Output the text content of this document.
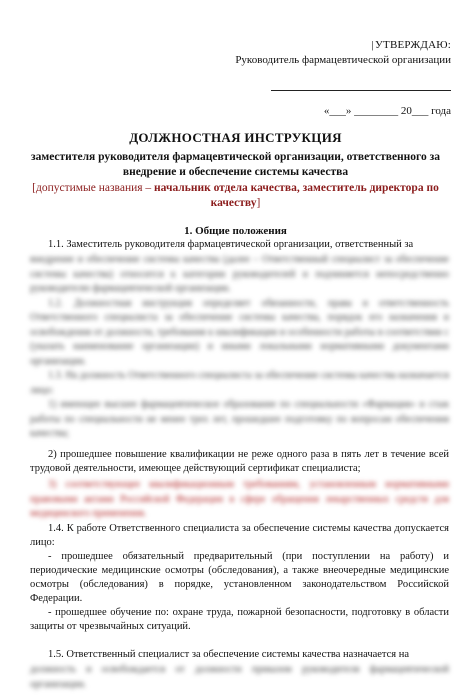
| УТВЕРЖДАЮ:
Руководитель фармацевтической организации
«___» ________ 20___ года
ДОЛЖНОСТНАЯ ИНСТРУКЦИЯ
заместителя руководителя фармацевтической организации, ответственного за внедрение и обеспечение системы качества
[допустимые названия – начальник отдела качества, заместитель директора по качеству]
1. Общие положения
1.1. Заместитель руководителя фармацевтической организации, ответственный за

внедрение и обеспечение системы качества (далее – Ответственный специалист за обеспечение системы качества) относится к категории руководителей и подчиняется непосредственно руководителю фармацевтической организации.

1.2. Должностная инструкция определяет обязанности, права и ответственность Ответственного специалиста за обеспечение системы качества, порядок его назначения и освобождения от должности, требования к квалификации и особенности работы в соответствии с (указать наименование организации) и иными локальными нормативными документами организации.

1.3. На должность Ответственного специалиста за обеспечение системы качества назначается лицо:

1) имеющее высшее фармацевтическое образование по специальности «Фармация» и стаж работы по специальности не менее трех лет, прошедшее подготовку по вопросам обеспечения качества;

2) прошедшее повышение квалификации не реже одного раза в пять лет в течение всей трудовой деятельности, имеющее действующий сертификат специалиста;

3) соответствующее квалификационным требованиям, установленным нормативными правовыми актами Российской Федерации в сфере обращения лекарственных средств для медицинского применения.

1.4. К работе Ответственного специалиста за обеспечение системы качества допускается лицо:
- прошедшее обязательный предварительный (при поступлении на работу) и периодические медицинские осмотры (обследования), а также внеочередные медицинские осмотры (обследования) в порядке, установленном законодательством Российской Федерации.
- прошедшее обучение по: охране труда, пожарной безопасности, подготовку в области защиты от чрезвычайных ситуаций.
1.5. Ответственный специалист за обеспечение системы качества назначается на

должность и освобождается от должности приказом руководителя фармацевтической организации.
